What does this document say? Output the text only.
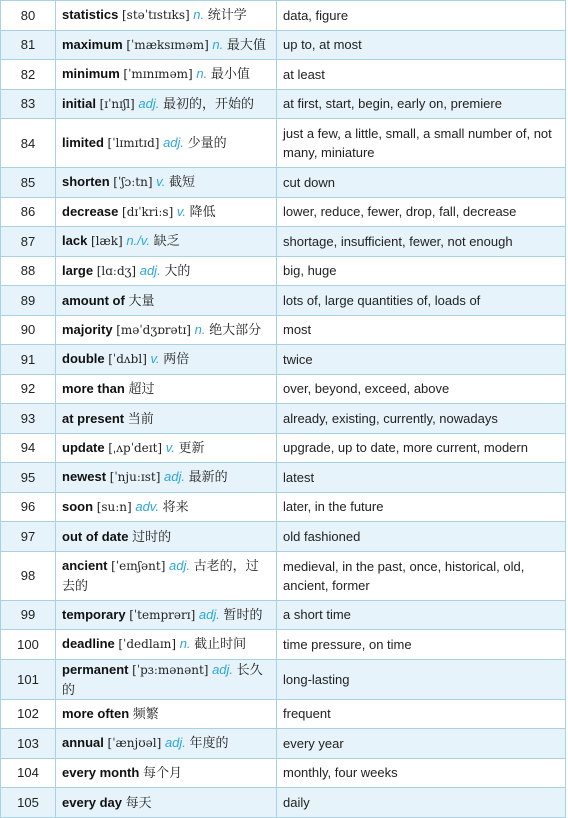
80	statistics [stəˈtɪstɪks] n. 统计学	data, figure
81	maximum [ˈmæksɪməm] n. 最大值	up to, at most
82	minimum [ˈmɪnɪməm] n. 最小值	at least
83	initial [ɪˈnɪʃl] adj. 最初的，开始的	at first, start, begin, early on, premiere
84	limited [ˈlɪmɪtɪd] adj. 少量的	just a few, a little, small, a small number of, not many, miniature
85	shorten [ˈʃɔːtn] v. 截短	cut down
86	decrease [dɪˈkriːs] v. 降低	lower, reduce, fewer, drop, fall, decrease
87	lack [læk] n./v. 缺乏	shortage, insufficient, fewer, not enough
88	large [lɑːdʒ] adj. 大的	big, huge
89	amount of 大量	lots of, large quantities of, loads of
90	majority [məˈdʒɒrətɪ] n. 绝大部分	most
91	double [ˈdʌbl] v. 两倍	twice
92	more than 超过	over, beyond, exceed, above
93	at present 当前	already, existing, currently, nowadays
94	update [ˌʌpˈdeɪt] v. 更新	upgrade, up to date, more current, modern
95	newest [ˈnjuːɪst] adj. 最新的	latest
96	soon [suːn] adv. 将来	later, in the future
97	out of date 过时的	old fashioned
98	ancient [ˈeɪnʃənt] adj. 古老的，过去的	medieval, in the past, once, historical, old, ancient, former
99	temporary [ˈtemprərɪ] adj. 暂时的	a short time
100	deadline [ˈdedlaɪn] n. 截止时间	time pressure, on time
101	permanent [ˈpɜːmənənt] adj. 长久的	long-lasting
102	more often 频繁	frequent
103	annual [ˈænjʊəl] adj. 年度的	every year
104	every month 每个月	monthly, four weeks
105	every day 每天	daily
